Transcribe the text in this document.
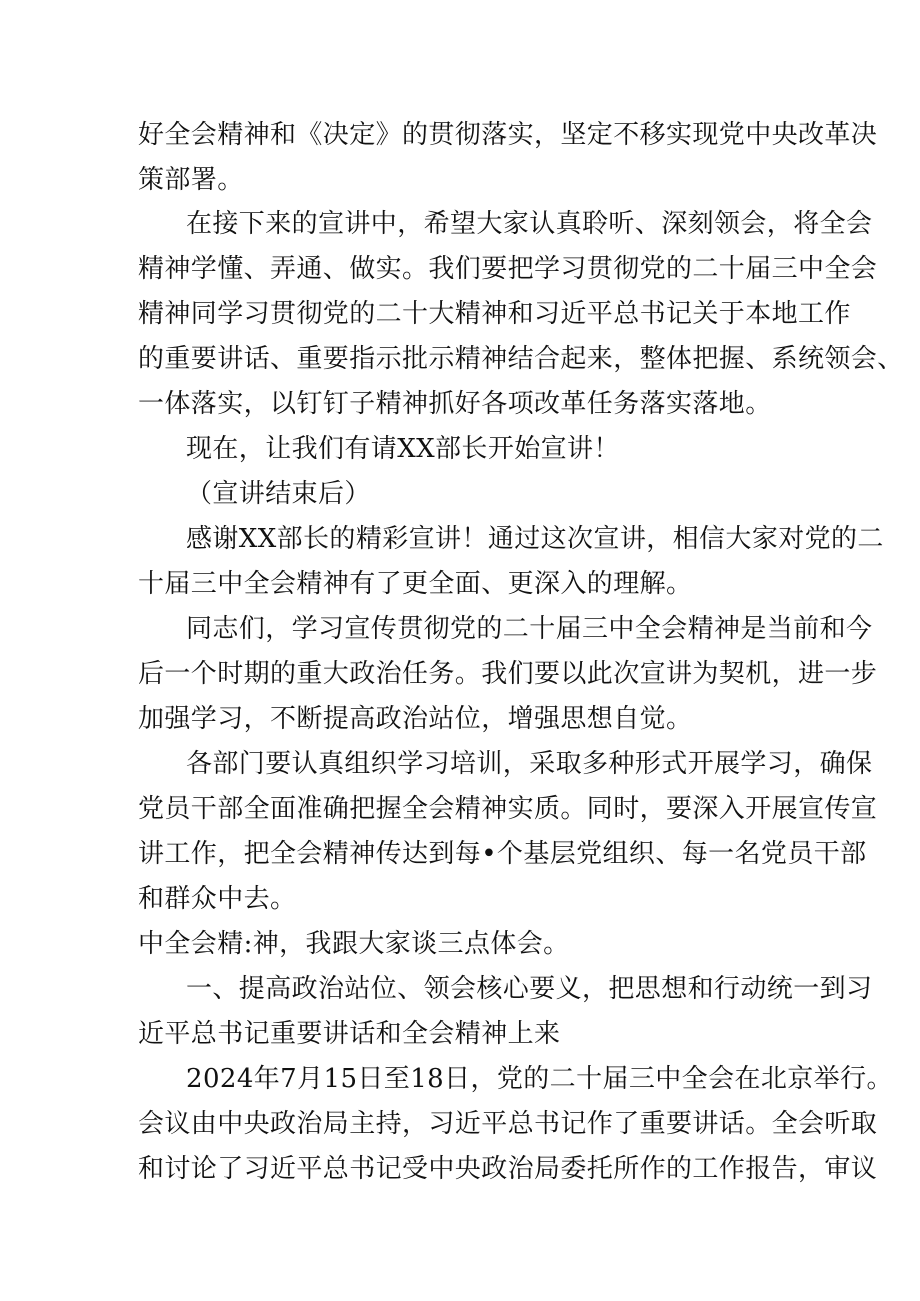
好全会精神和《决定》的贯彻落实，坚定不移实现党中央改革决
策部署。
在接下来的宣讲中，希望大家认真聆听、深刻领会，将全会
精神学懂、弄通、做实。我们要把学习贯彻党的二十届三中全会
精神同学习贯彻党的二十大精神和习近平总书记关于本地工作
的重要讲话、重要指示批示精神结合起来，整体把握、系统领会、
一体落实，以钉钉子精神抓好各项改革任务落实落地。
现在，让我们有请XX部长开始宣讲！
（宣讲结束后）
感谢XX部长的精彩宣讲！通过这次宣讲，相信大家对党的二
十届三中全会精神有了更全面、更深入的理解。
同志们，学习宣传贯彻党的二十届三中全会精神是当前和今
后一个时期的重大政治任务。我们要以此次宣讲为契机，进一步
加强学习，不断提高政治站位，增强思想自觉。
各部门要认真组织学习培训，采取多种形式开展学习，确保
党员干部全面准确把握全会精神实质。同时，要深入开展宣传宣
讲工作，把全会精神传达到每•个基层党组织、每一名党员干部
和群众中去。
中全会精:神，我跟大家谈三点体会。
一、提高政治站位、领会核心要义，把思想和行动统一到习
近平总书记重要讲话和全会精神上来
2024年7月15日至18日，党的二十届三中全会在北京举行。
会议由中央政治局主持，习近平总书记作了重要讲话。全会听取
和讨论了习近平总书记受中央政治局委托所作的工作报告，审议
